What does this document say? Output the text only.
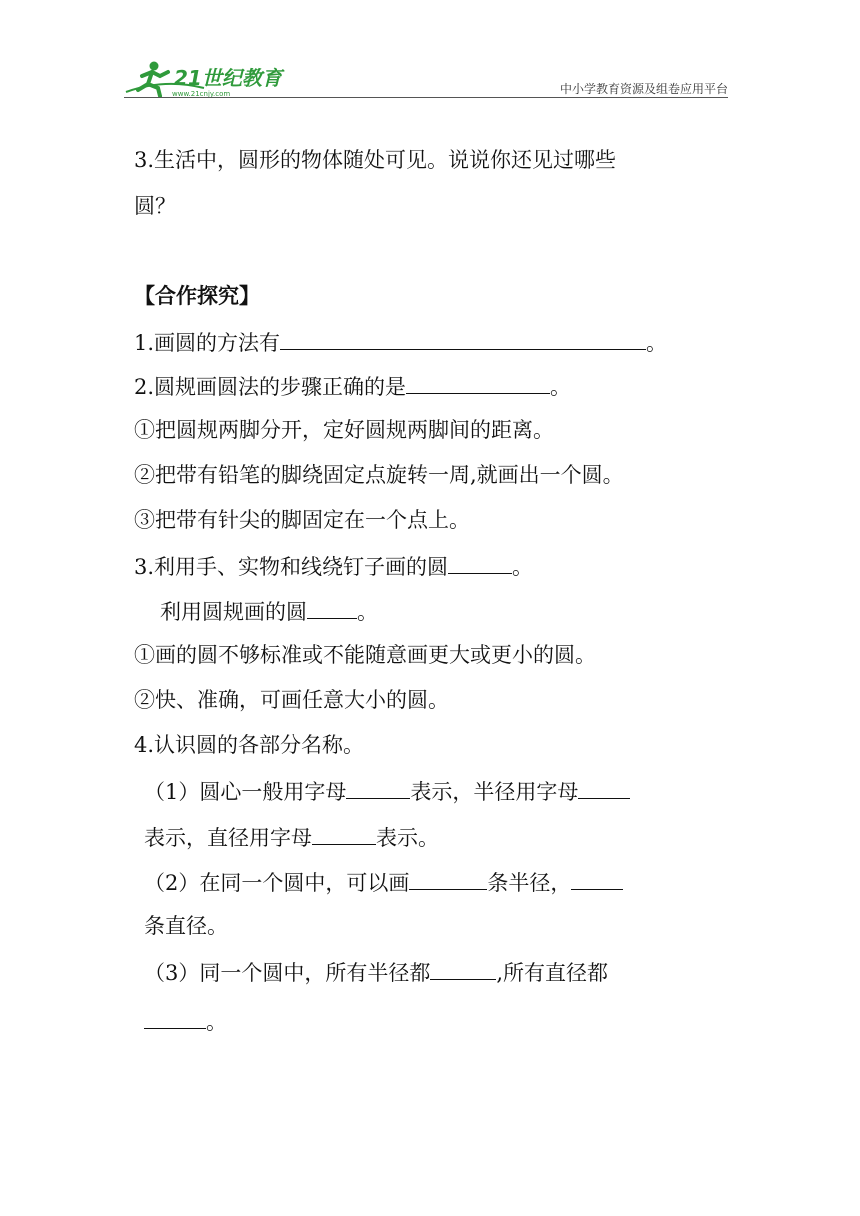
21世纪教育
www.21cnjy.com	中小学教育资源及组卷应用平台
3.生活中，圆形的物体随处可见。说说你还见过哪些
圆？
【合作探究】
1.画圆的方法有	。
2.圆规画圆法的步骤正确的是	。
①把圆规两脚分开，定好圆规两脚间的距离。
②把带有铅笔的脚绕固定点旋转一周,就画出一个圆。
③把带有针尖的脚固定在一个点上。
3.利用手、实物和线绕钉子画的圆	。
利用圆规画的圆 。
①画的圆不够标准或不能随意画更大或更小的圆。
②快、准确，可画任意大小的圆。
4.认识圆的各部分名称。
（1）圆心一般用字母	表示，半径用字母
表示，直径用字母	表示。
（2）在同一个圆中，可以画	条半径，
条直径。
（3）同一个圆中，所有半径都	,所有直径都
。
